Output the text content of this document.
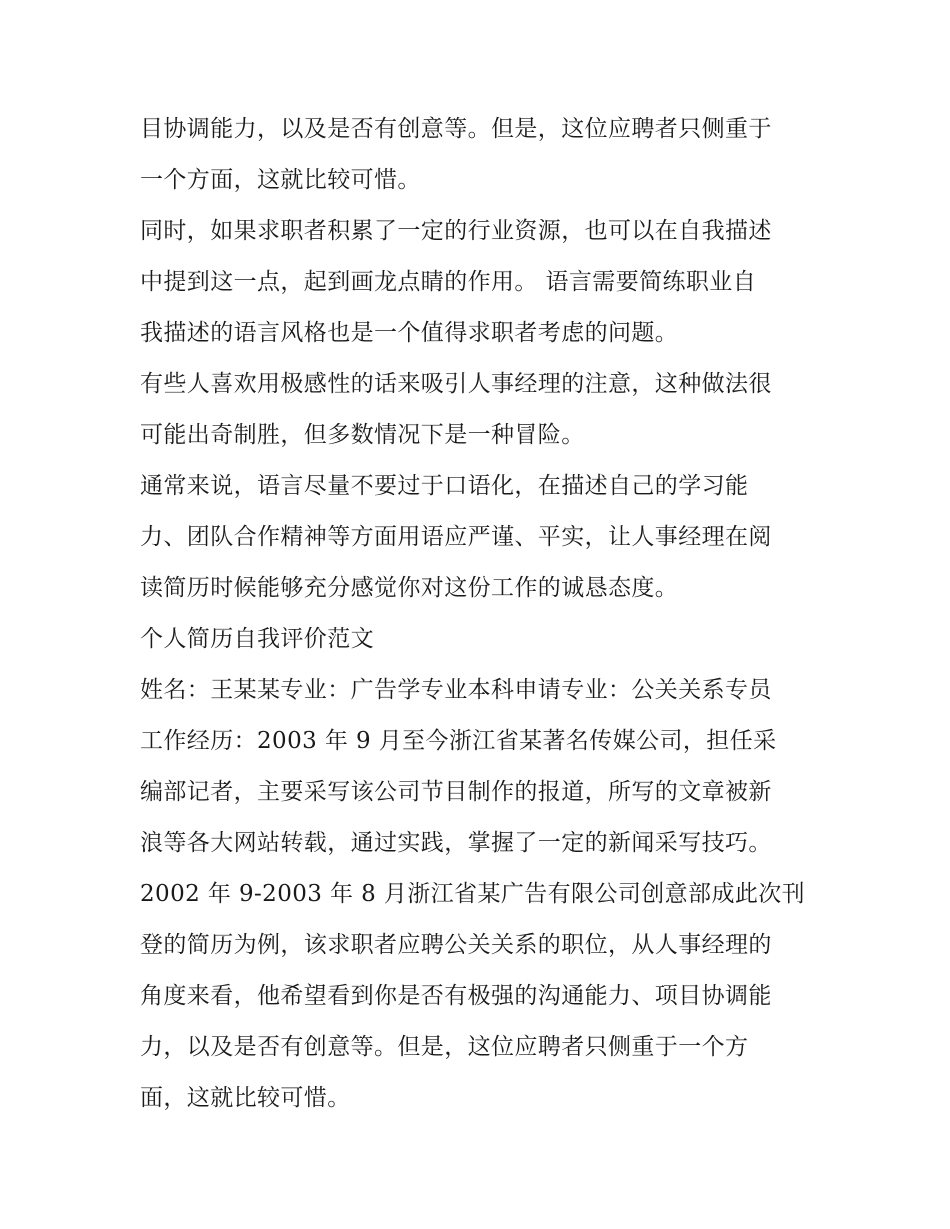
目协调能力，以及是否有创意等。但是，这位应聘者只侧重于
一个方面，这就比较可惜。
同时，如果求职者积累了一定的行业资源，也可以在自我描述
中提到这一点，起到画龙点睛的作用。 语言需要简练职业自
我描述的语言风格也是一个值得求职者考虑的问题。
有些人喜欢用极感性的话来吸引人事经理的注意，这种做法很
可能出奇制胜，但多数情况下是一种冒险。
通常来说，语言尽量不要过于口语化，在描述自己的学习能
力、团队合作精神等方面用语应严谨、平实，让人事经理在阅
读简历时候能够充分感觉你对这份工作的诚恳态度。
个人简历自我评价范文
姓名：王某某专业：广告学专业本科申请专业：公关关系专员
工作经历：2003 年 9 月至今浙江省某著名传媒公司，担任采
编部记者，主要采写该公司节目制作的报道，所写的文章被新
浪等各大网站转载，通过实践，掌握了一定的新闻采写技巧。
2002 年 9-2003 年 8 月浙江省某广告有限公司创意部成此次刊
登的简历为例，该求职者应聘公关关系的职位，从人事经理的
角度来看，他希望看到你是否有极强的沟通能力、项目协调能
力，以及是否有创意等。但是，这位应聘者只侧重于一个方
面，这就比较可惜。
